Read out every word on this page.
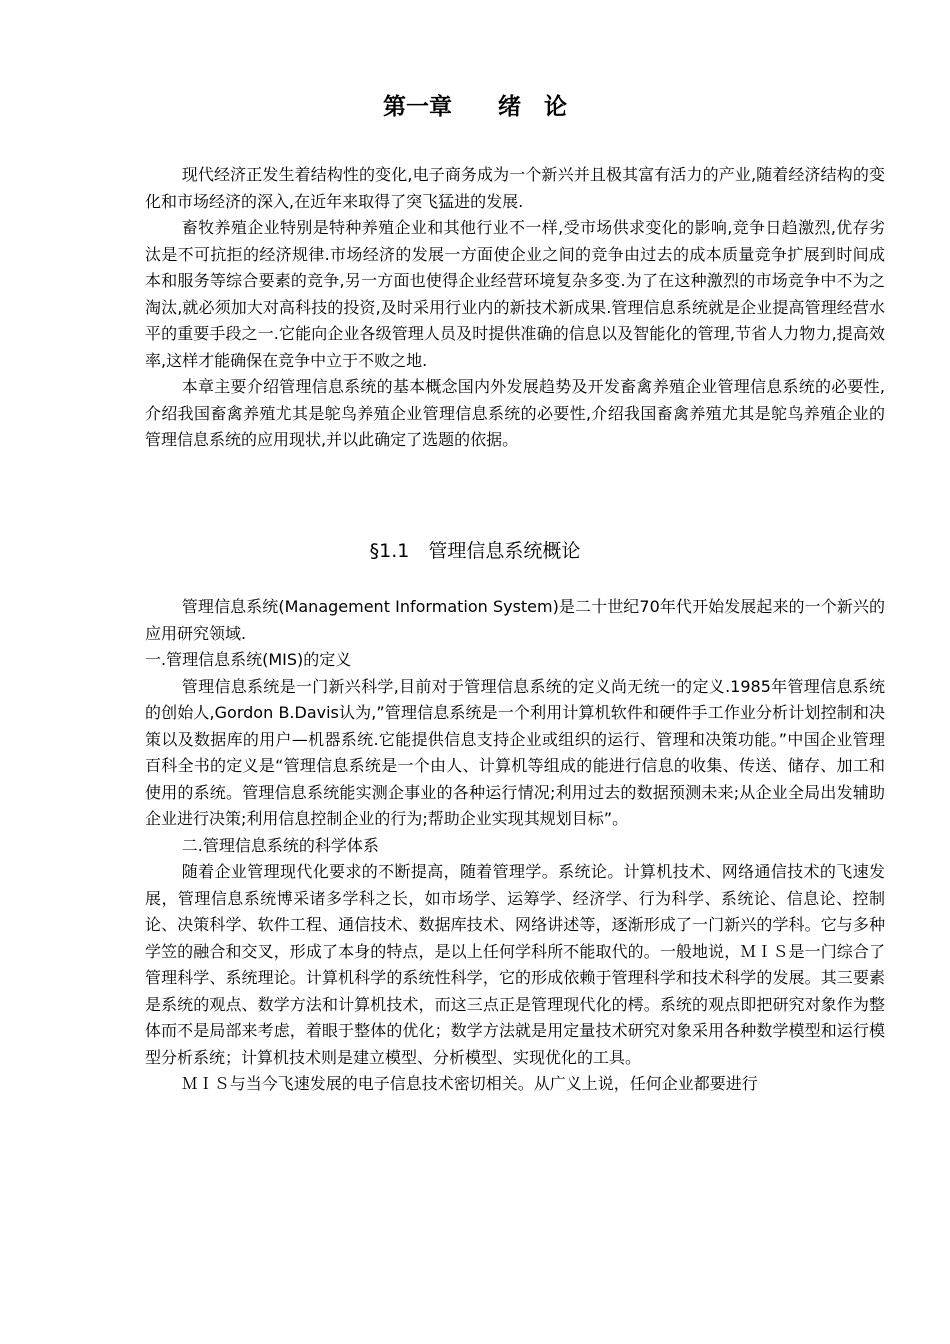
第一章　　绪　论

现代经济正发生着结构性的变化,电子商务成为一个新兴并且极其富有活力的产业,随着经济结构的变化和市场经济的深入,在近年来取得了突飞猛进的发展.

畜牧养殖企业特别是特种养殖企业和其他行业不一样,受市场供求变化的影响,竞争日趋激烈,优存劣汰是不可抗拒的经济规律.市场经济的发展一方面使企业之间的竞争由过去的成本质量竞争扩展到时间成本和服务等综合要素的竞争,另一方面也使得企业经营环境复杂多变.为了在这种激烈的市场竞争中不为之淘汰,就必须加大对高科技的投资,及时采用行业内的新技术新成果.管理信息系统就是企业提高管理经营水平的重要手段之一.它能向企业各级管理人员及时提供准确的信息以及智能化的管理,节省人力物力,提高效率,这样才能确保在竞争中立于不败之地.

本章主要介绍管理信息系统的基本概念国内外发展趋势及开发畜禽养殖企业管理信息系统的必要性,介绍我国畜禽养殖尤其是鸵鸟养殖企业管理信息系统的必要性,介绍我国畜禽养殖尤其是鸵鸟养殖企业的管理信息系统的应用现状,并以此确定了选题的依据。

§1.1　管理信息系统概论

管理信息系统(Management Information System)是二十世纪70年代开始发展起来的一个新兴的应用研究领域.

一.管理信息系统(MIS)的定义

管理信息系统是一门新兴科学,目前对于管理信息系统的定义尚无统一的定义.1985年管理信息系统的创始人,Gordon B.Davis认为,”管理信息系统是一个利用计算机软件和硬件手工作业分析计划控制和决策以及数据库的用户—机器系统.它能提供信息支持企业或组织的运行、管理和决策功能。”中国企业管理百科全书的定义是“管理信息系统是一个由人、计算机等组成的能进行信息的收集、传送、储存、加工和使用的系统。管理信息系统能实测企事业的各种运行情况;利用过去的数据预测未来;从企业全局出发辅助企业进行决策;利用信息控制企业的行为;帮助企业实现其规划目标”。

二.管理信息系统的科学体系

随着企业管理现代化要求的不断提高，随着管理学。系统论。计算机技术、网络通信技术的飞速发展，管理信息系统博采诸多学科之长，如市场学、运筹学、经济学、行为科学、系统论、信息论、控制论、决策科学、软件工程、通信技术、数据库技术、网络讲述等，逐渐形成了一门新兴的学科。它与多种学笠的融合和交叉，形成了本身的特点，是以上任何学科所不能取代的。一般地说，ＭＩＳ是一门综合了管理科学、系统理论。计算机科学的系统性科学，它的形成依赖于管理科学和技术科学的发展。其三要素是系统的观点、数学方法和计算机技术，而这三点正是管理现代化的樗。系统的观点即把研究对象作为整体而不是局部来考虑，着眼于整体的优化；数学方法就是用定量技术研究对象采用各种数学模型和运行模型分析系统；计算机技术则是建立模型、分析模型、实现优化的工具。

ＭＩＳ与当今飞速发展的电子信息技术密切相关。从广义上说，任何企业都要进行
